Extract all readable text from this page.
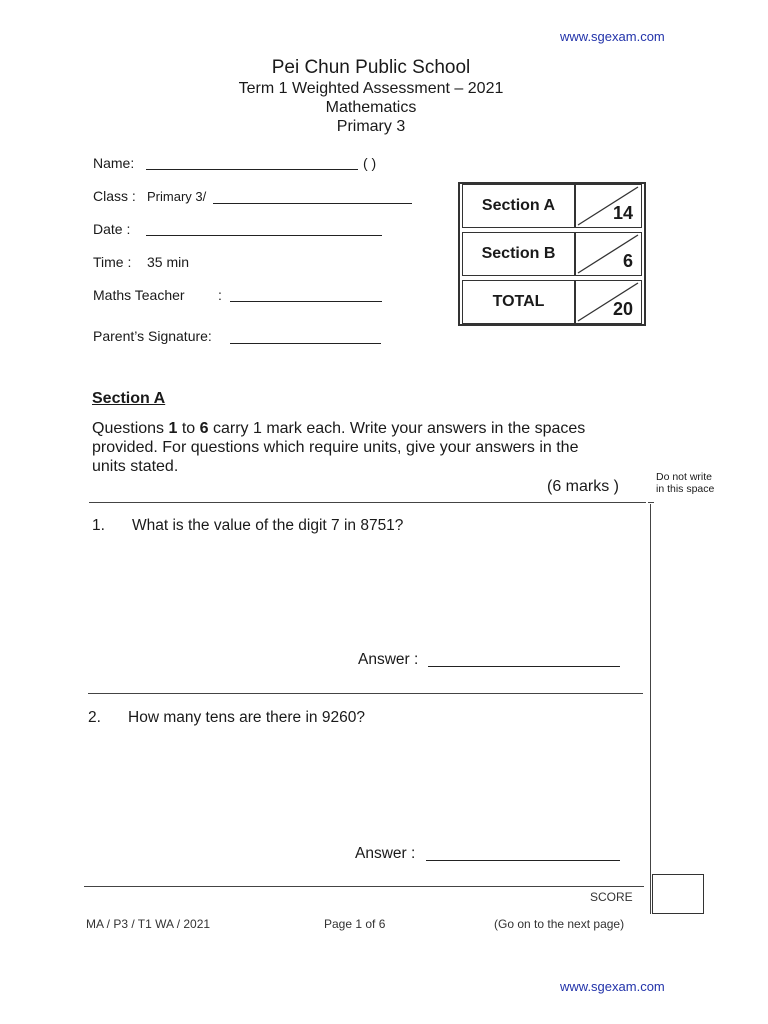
www.sgexam.com
Pei Chun Public School
Term 1 Weighted Assessment – 2021
Mathematics
Primary 3
Name:	( )
Class : Primary 3/
Date :
Time : 35 min
Maths Teacher :
Parent’s Signature:
Section A	14
Section B	6
TOTAL	20
Section A
Questions 1 to 6 carry 1 mark each. Write your answers in the spaces
provided. For questions which require units, give your answers in the
units stated.
(6 marks )
Do not write
in this space
1. What is the value of the digit 7 in 8751?
Answer :
2. How many tens are there in 9260?
Answer :
SCORE
MA / P3 / T1 WA / 2021	Page 1 of 6	(Go on to the next page)
www.sgexam.com
